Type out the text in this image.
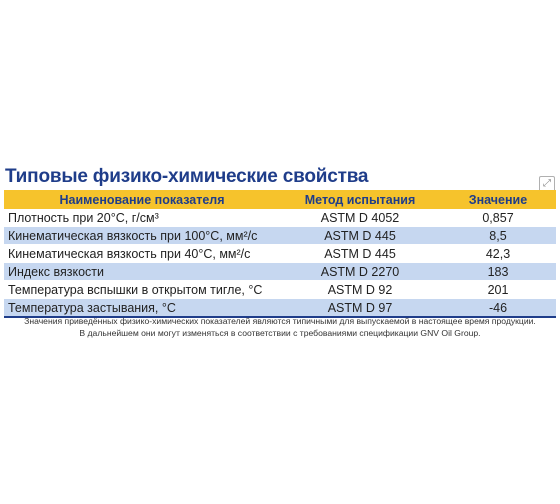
Типовые физико-химические свойства	⤢
Наименование показателя	Метод испытания	Значение
Плотность при 20°С, г/см³	ASTM D 4052	0,857
Кинематическая вязкость при 100°С, мм²/с	ASTM D 445	8,5
Кинематическая вязкость при 40°С, мм²/с	ASTM D 445	42,3
Индекс вязкости	ASTM D 2270	183
Температура вспышки в открытом тигле, °С	ASTM D 92	201
Температура застывания, °С	ASTM D 97	-46
Значения приведённых физико-химических показателей являются типичными для выпускаемой в настоящее время продукции.
В дальнейшем они могут изменяться в соответствии с требованиями спецификации GNV Oil Group.
